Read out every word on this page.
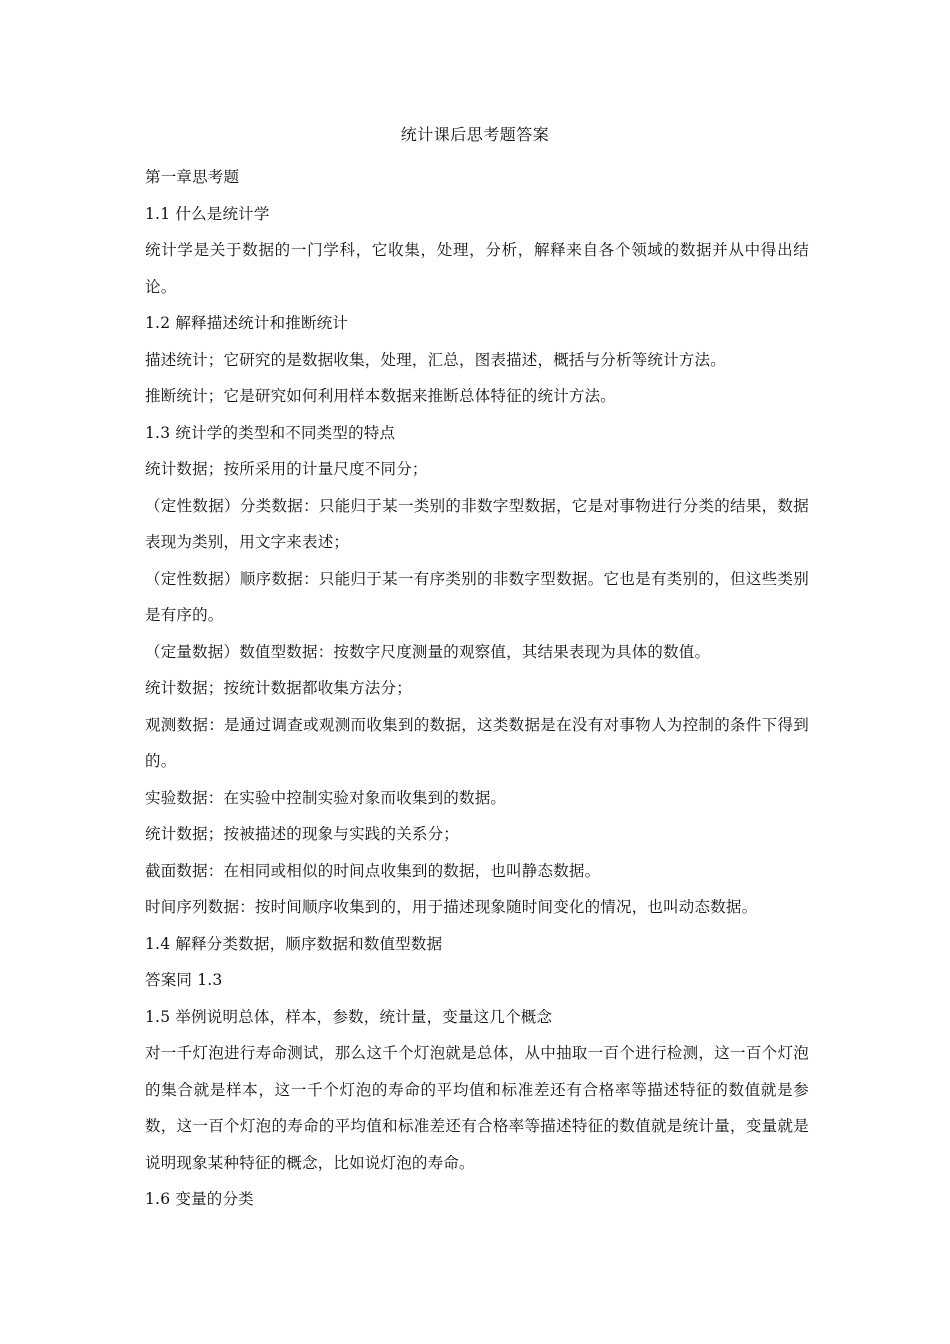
统计课后思考题答案

第一章思考题

1.1 什么是统计学

统计学是关于数据的一门学科，它收集，处理，分析，解释来自各个领域的数据并从中得出结论。

1.2 解释描述统计和推断统计

描述统计；它研究的是数据收集，处理，汇总，图表描述，概括与分析等统计方法。

推断统计；它是研究如何利用样本数据来推断总体特征的统计方法。

1.3 统计学的类型和不同类型的特点

统计数据；按所采用的计量尺度不同分；

（定性数据）分类数据：只能归于某一类别的非数字型数据，它是对事物进行分类的结果，数据表现为类别，用文字来表述；

（定性数据）顺序数据：只能归于某一有序类别的非数字型数据。它也是有类别的，但这些类别是有序的。

（定量数据）数值型数据：按数字尺度测量的观察值，其结果表现为具体的数值。

统计数据；按统计数据都收集方法分；

观测数据：是通过调查或观测而收集到的数据，这类数据是在没有对事物人为控制的条件下得到的。

实验数据：在实验中控制实验对象而收集到的数据。

统计数据；按被描述的现象与实践的关系分；

截面数据：在相同或相似的时间点收集到的数据，也叫静态数据。

时间序列数据：按时间顺序收集到的，用于描述现象随时间变化的情况，也叫动态数据。

1.4 解释分类数据，顺序数据和数值型数据

答案同 1.3

1.5 举例说明总体，样本，参数，统计量，变量这几个概念

对一千灯泡进行寿命测试，那么这千个灯泡就是总体，从中抽取一百个进行检测，这一百个灯泡的集合就是样本，这一千个灯泡的寿命的平均值和标准差还有合格率等描述特征的数值就是参数，这一百个灯泡的寿命的平均值和标准差还有合格率等描述特征的数值就是统计量，变量就是说明现象某种特征的概念，比如说灯泡的寿命。

1.6 变量的分类
